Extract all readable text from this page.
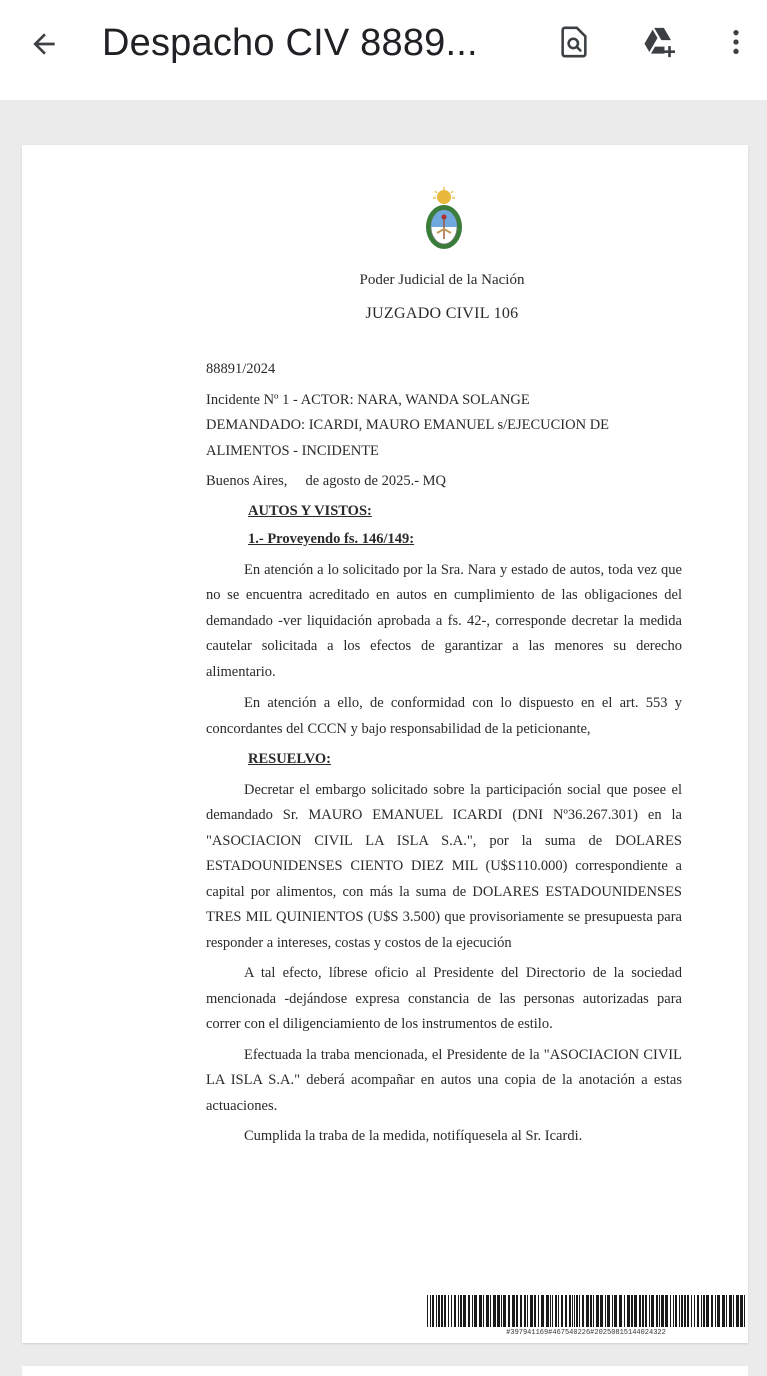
Despacho CIV 8889...
Poder Judicial de la Nación
JUZGADO CIVIL 106

88891/2024

Incidente Nº 1 - ACTOR: NARA, WANDA SOLANGE

DEMANDADO: ICARDI, MAURO EMANUEL s/EJECUCION DE

ALIMENTOS - INCIDENTE

Buenos Aires,     de agosto de 2025.- MQ

AUTOS Y VISTOS:

1.- Proveyendo fs. 146/149:

En atención a lo solicitado por la Sra. Nara y estado de autos, toda vez que no se encuentra acreditado en autos en cumplimiento de las obligaciones del demandado -ver liquidación aprobada a fs. 42-, corresponde decretar la medida cautelar solicitada a los efectos de garantizar a las menores su derecho alimentario.

En atención a ello, de conformidad con lo dispuesto en el art. 553 y concordantes del CCCN y bajo responsabilidad de la peticionante,

RESUELVO:

Decretar el embargo solicitado sobre la participación social que posee el demandado Sr. MAURO EMANUEL ICARDI (DNI Nº36.267.301) en la "ASOCIACION CIVIL LA ISLA S.A.", por la suma de DOLARES ESTADOUNIDENSES CIENTO DIEZ MIL (U$S110.000) correspondiente a capital por alimentos, con más la suma de DOLARES ESTADOUNIDENSES TRES MIL QUINIENTOS (U$S 3.500) que provisoriamente se presupuesta para responder a intereses, costas y costos de la ejecución

A tal efecto, líbrese oficio al Presidente del Directorio de la sociedad mencionada -dejándose expresa constancia de las personas autorizadas para correr con el diligenciamiento de los instrumentos de estilo.

Efectuada la traba mencionada, el Presidente de la "ASOCIACION CIVIL LA ISLA S.A." deberá acompañar en autos una copia de la anotación a estas actuaciones.

Cumplida la traba de la medida, notifíquesela al Sr. Icardi.

#397941169#467540226#20250815144024322
